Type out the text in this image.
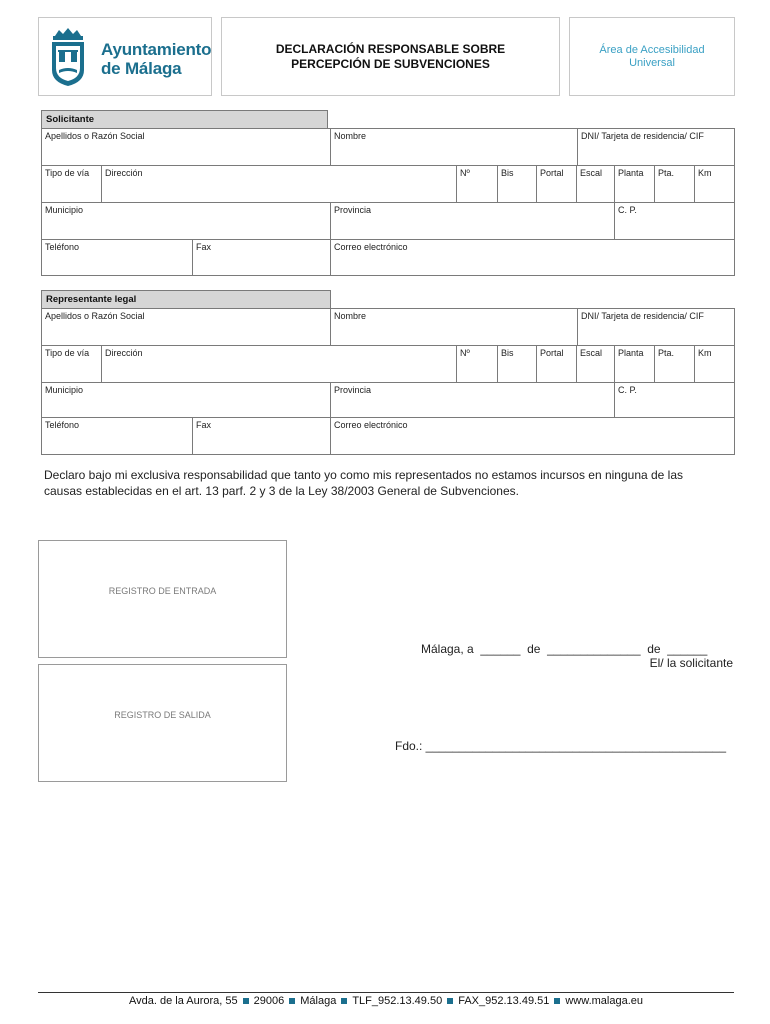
Ayuntamiento
de Málaga
DECLARACIÓN RESPONSABLE SOBRE
PERCEPCIÓN DE SUBVENCIONES
Área de Accesibilidad
Universal
Solicitante
Apellidos o Razón Social	Nombre	DNI/ Tarjeta de residencia/ CIF
Tipo de vía	Dirección	Nº	Bis	Portal	Escal	Planta	Pta.	Km
Municipio	Provincia	C. P.
Teléfono	Fax	Correo electrónico
Representante legal
Apellidos o Razón Social	Nombre	DNI/ Tarjeta de residencia/ CIF
Tipo de vía	Dirección	Nº	Bis	Portal	Escal	Planta	Pta.	Km
Municipio	Provincia	C. P.
Teléfono	Fax	Correo electrónico
Declaro bajo mi exclusiva responsabilidad que tanto yo como mis representados no estamos incursos en ninguna de las causas establecidas en el art. 13 parf. 2 y 3 de la Ley 38/2003 General de Subvenciones.
REGISTRO DE ENTRADA
REGISTRO DE SALIDA
Málaga, a  ______  de  ______________  de  ______
El/ la solicitante
Fdo.: _____________________________________________
Avda. de la Aurora, 55 29006 Málaga TLF_952.13.49.50 FAX_952.13.49.51 www.malaga.eu
